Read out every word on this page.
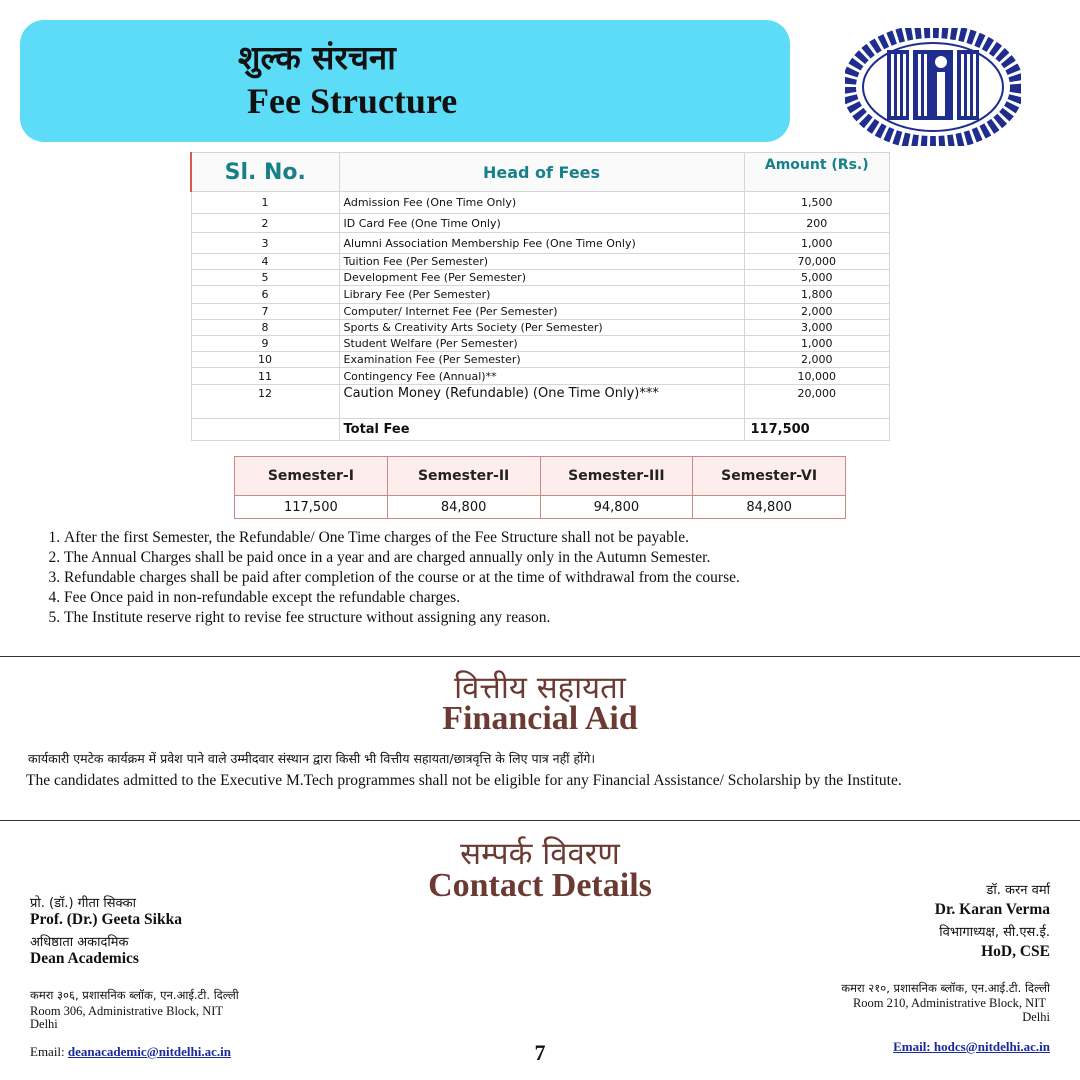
शुल्क संरचना
Fee Structure
Sl. No.	Head of Fees	Amount (Rs.)
1	Admission Fee (One Time Only)	1,500
2	ID Card Fee (One Time Only)	200
3	Alumni Association Membership Fee (One Time Only)	1,000
4	Tuition Fee (Per Semester)	70,000
5	Development Fee (Per Semester)	5,000
6	Library Fee (Per Semester)	1,800
7	Computer/ Internet Fee (Per Semester)	2,000
8	Sports & Creativity Arts Society (Per Semester)	3,000
9	Student Welfare (Per Semester)	1,000
10	Examination Fee (Per Semester)	2,000
11	Contingency Fee (Annual)**	10,000
12	Caution Money (Refundable) (One Time Only)***	20,000
	Total Fee	117,500
Semester-I	Semester-II	Semester-III	Semester-VI
117,500	84,800	94,800	84,800
1. After the first Semester, the Refundable/ One Time charges of the Fee Structure shall not be payable.
2. The Annual Charges shall be paid once in a year and are charged annually only in the Autumn Semester.
3. Refundable charges shall be paid after completion of the course or at the time of withdrawal from the course.
4. Fee Once paid in non-refundable except the refundable charges.
5. The Institute reserve right to revise fee structure without assigning any reason.
वित्तीय सहायता
Financial Aid
कार्यकारी एमटेक कार्यक्रम में प्रवेश पाने वाले उम्मीदवार संस्थान द्वारा किसी भी वित्तीय सहायता/छात्रवृत्ति के लिए पात्र नहीं होंगे।
The candidates admitted to the Executive M.Tech programmes shall not be eligible for any Financial Assistance/ Scholarship by the Institute.
सम्पर्क विवरण
Contact Details
प्रो. (डॉ.) गीता सिक्का
Prof. (Dr.) Geeta Sikka
अधिष्ठाता अकादमिक
Dean Academics
कमरा ३०६, प्रशासनिक ब्लॉक, एन.आई.टी. दिल्ली
Room 306, Administrative Block, NIT
Delhi
Email: deanacademic@nitdelhi.ac.in
डॉ. करन वर्मा
Dr. Karan Verma
विभागाध्यक्ष, सी.एस.ई.
HoD, CSE
कमरा २१०, प्रशासनिक ब्लॉक, एन.आई.टी. दिल्ली
Room 210, Administrative Block, NIT
Delhi
Email: hodcs@nitdelhi.ac.in
7
